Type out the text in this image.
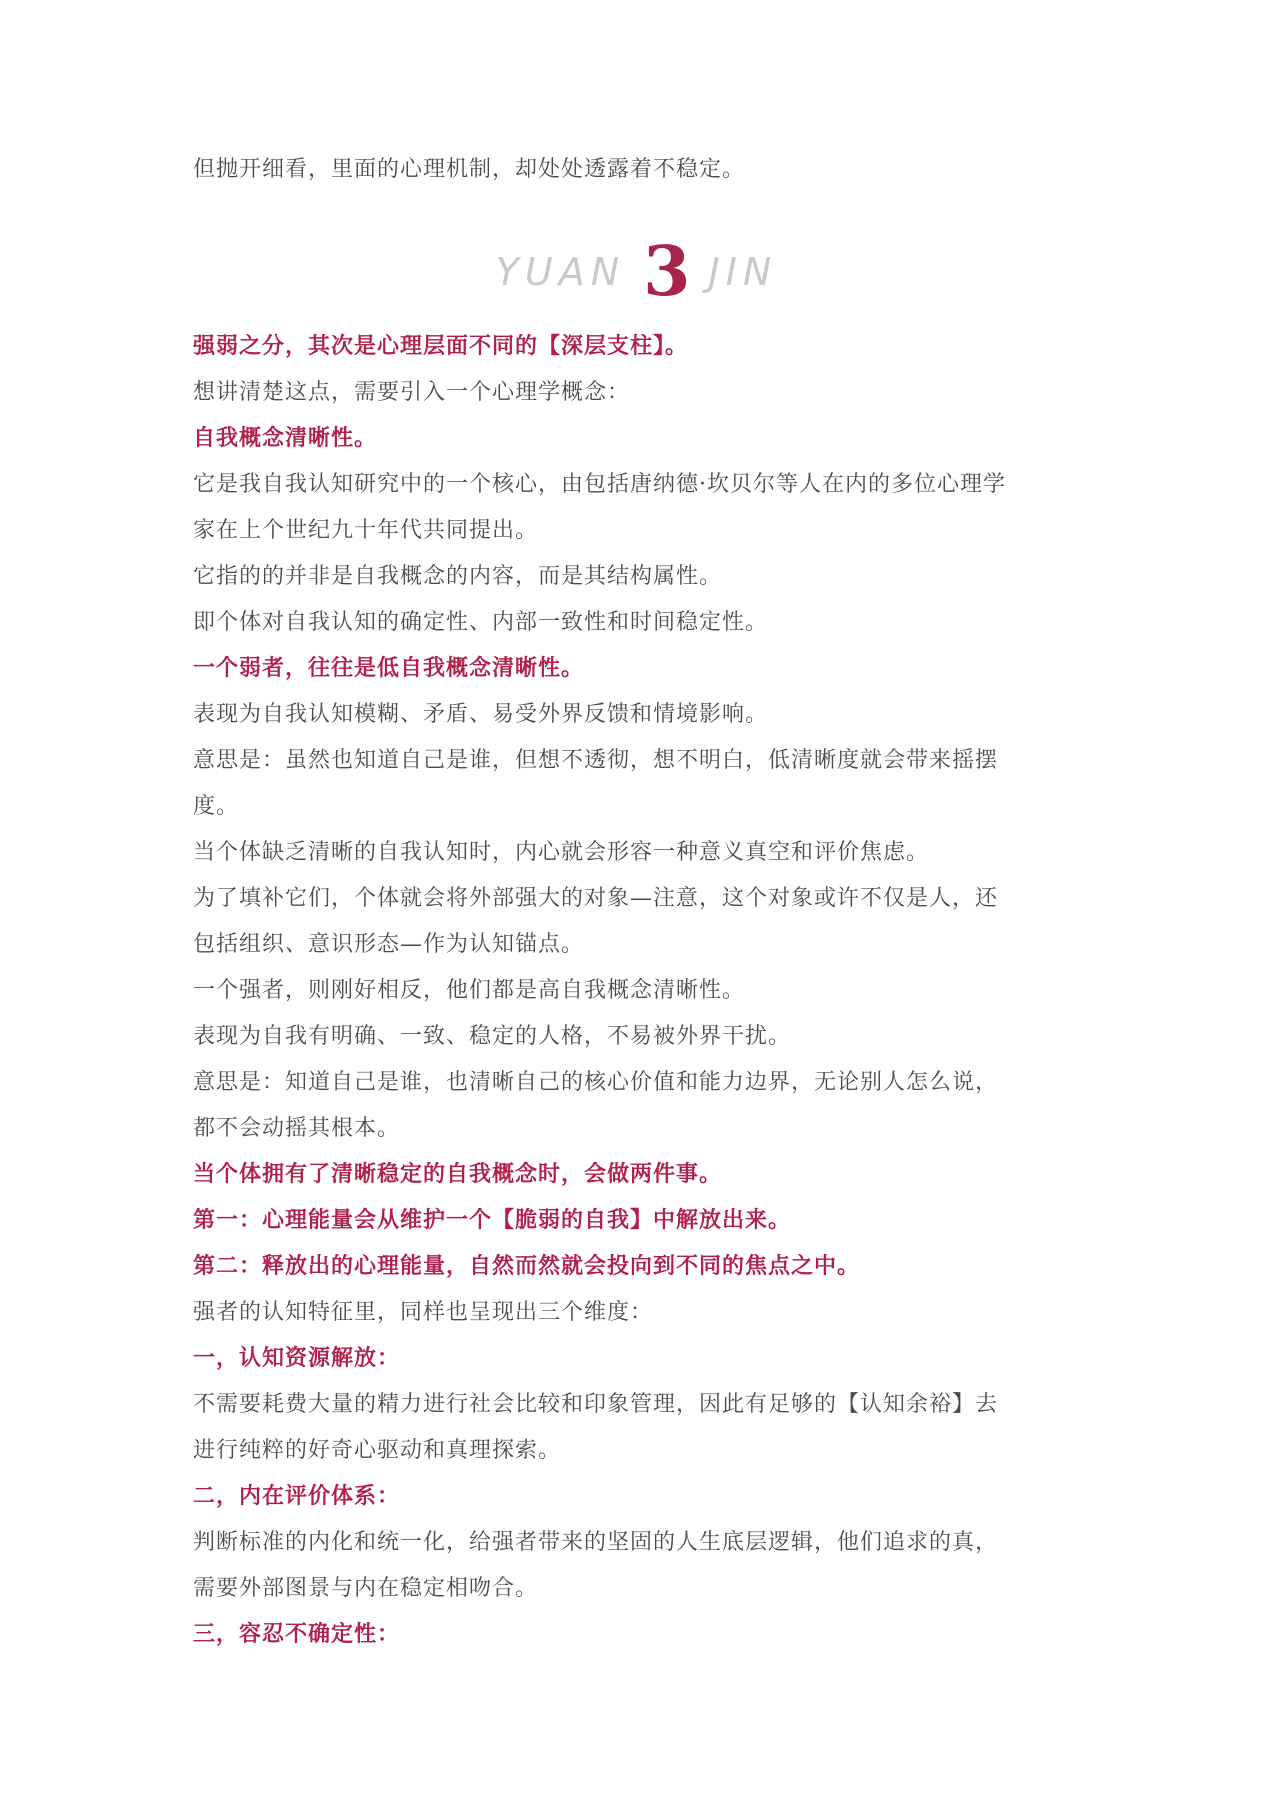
但抛开细看，里面的心理机制，却处处透露着不稳定。
YUAN 3 JIN
强弱之分，其次是心理层面不同的【深层支柱】。
想讲清楚这点，需要引入一个心理学概念：
自我概念清晰性。
它是我自我认知研究中的一个核心，由包括唐纳德·坎贝尔等人在内的多位心理学
家在上个世纪九十年代共同提出。
它指的的并非是自我概念的内容，而是其结构属性。
即个体对自我认知的确定性、内部一致性和时间稳定性。
一个弱者，往往是低自我概念清晰性。
表现为自我认知模糊、矛盾、易受外界反馈和情境影响。
意思是：虽然也知道自己是谁，但想不透彻，想不明白，低清晰度就会带来摇摆
度。
当个体缺乏清晰的自我认知时，内心就会形容一种意义真空和评价焦虑。
为了填补它们，个体就会将外部强大的对象—注意，这个对象或许不仅是人，还
包括组织、意识形态—作为认知锚点。
一个强者，则刚好相反，他们都是高自我概念清晰性。
表现为自我有明确、一致、稳定的人格，不易被外界干扰。
意思是：知道自己是谁，也清晰自己的核心价值和能力边界，无论别人怎么说，
都不会动摇其根本。
当个体拥有了清晰稳定的自我概念时，会做两件事。
第一：心理能量会从维护一个【脆弱的自我】中解放出来。
第二：释放出的心理能量，自然而然就会投向到不同的焦点之中。
强者的认知特征里，同样也呈现出三个维度：
一，认知资源解放：
不需要耗费大量的精力进行社会比较和印象管理，因此有足够的【认知余裕】去
进行纯粹的好奇心驱动和真理探索。
二，内在评价体系：
判断标准的内化和统一化，给强者带来的坚固的人生底层逻辑，他们追求的真，
需要外部图景与内在稳定相吻合。
三，容忍不确定性：
